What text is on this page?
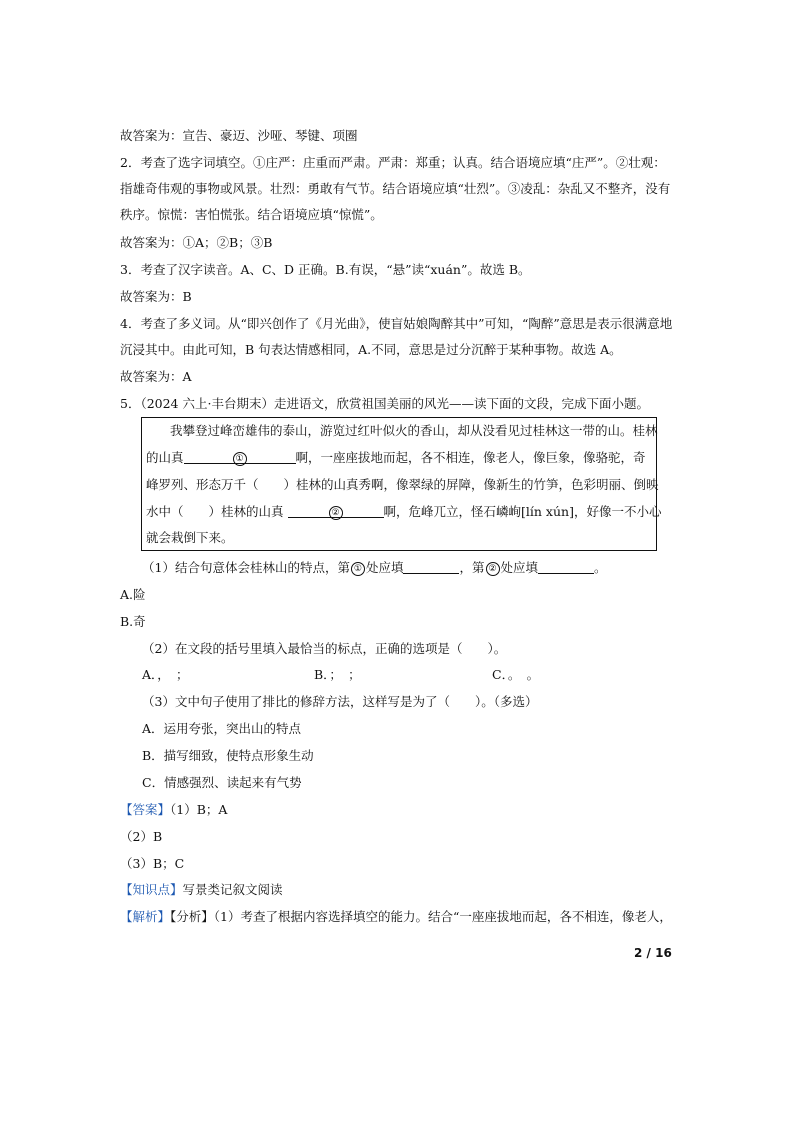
故答案为：宣告、豪迈、沙哑、琴键、项圈
2．考查了选字词填空。①庄严：庄重而严肃。严肃：郑重；认真。结合语境应填“庄严”。②壮观：
指雄奇伟观的事物或风景。壮烈：勇敢有气节。结合语境应填“壮烈”。③凌乱：杂乱又不整齐，没有
秩序。惊慌：害怕慌张。结合语境应填“惊慌”。
故答案为：①A；②B；③B
3．考查了汉字读音。A、C、D 正确。B.有误，“悬”读“xuán”。故选 B。
故答案为：B
4．考查了多义词。从“即兴创作了《月光曲》，使盲姑娘陶醉其中”可知，“陶醉”意思是表示很满意地
沉浸其中。由此可知，B 句表达情感相同，A.不同，意思是过分沉醉于某种事物。故选 A。
故答案为：A
5．（2024 六上·丰台期末）走进语文，欣赏祖国美丽的风光——读下面的文段，完成下面小题。
我攀登过峰峦雄伟的泰山，游览过红叶似火的香山，却从没看见过桂林这一带的山。桂林
的山真	①	啊，一座座拔地而起，各不相连，像老人，像巨象，像骆驼，奇
峰罗列、形态万千（　　）桂林的山真秀啊，像翠绿的屏障，像新生的竹笋，色彩明丽、倒映
水中（　　）桂林的山真	②	啊，危峰兀立，怪石嶙峋[lín xún]，好像一不小心
就会栽倒下来。
（1）结合句意体会桂林山的特点，第 ① 处应填	，第 ② 处应填	。
A.险
B.奇
（2）在文段的括号里填入最恰当的标点，正确的选项是（　　）。
A．，　；	B．；　；	C．。　。
（3）文中句子使用了排比的修辞方法，这样写是为了（　　）。（多选）
A．运用夸张，突出山的特点
B．描写细致，使特点形象生动
C．情感强烈、读起来有气势
【答案】（1）B；A
（2）B
（3）B；C
【知识点】写景类记叙文阅读
【解析】【分析】（1）考查了根据内容选择填空的能力。结合“一座座拔地而起，各不相连，像老人，
2 / 16
